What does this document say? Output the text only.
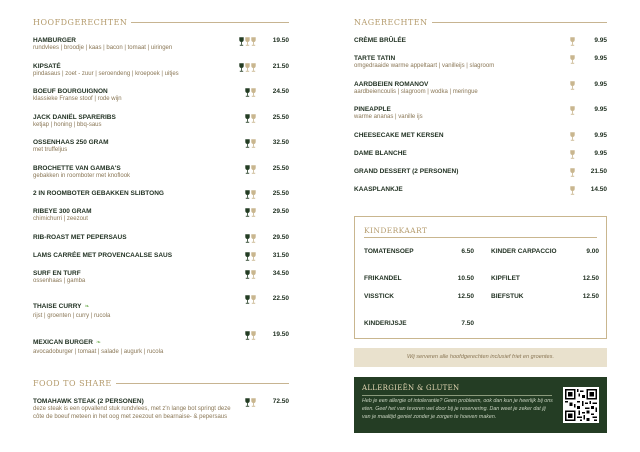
HOOFDGERECHTEN
HAMBURGER
rundvlees | broodje | kaas | bacon | tomaat | uiringen
19.50
KIPSATÉ
pindasaus | zoet - zuur | seroendeng | kroepoek | uitjes
21.50
BOEUF BOURGUIGNON
klassieke Franse stoof | rode wijn
24.50
JACK DANIËL SPARERIBS
ketjap | honing | bbq-saus
25.50
OSSENHAAS 250 GRAM
met truffeljus
32.50
BROCHETTE VAN GAMBA'S
gebakken in roomboter met knoflook
25.50
2 IN ROOMBOTER GEBAKKEN SLIBTONG	25.50
RIBEYE 300 GRAM
chimichurri | zeezout
29.50
RIB-ROAST MET PEPERSAUS	29.50
LAMS CARRÉE MET PROVENCAALSE SAUS	31.50
SURF EN TURF
ossenhaas | gamba
34.50
THAISE CURRY ❧

rijst | groenten | curry | rucola
22.50
MEXICAN BURGER ❧

avocadoburger | tomaat | salade | augurk | rucola
19.50
FOOD TO SHARE
TOMAHAWK STEAK (2 PERSONEN)
deze steak is een opvallend stuk rundvlees, met z'n lange bot springt deze côte de boeuf meteen in het oog met zeezout en bearnaise- & pepersaus
72.50
NAGERECHTEN
CRÈME BRÛLÉE	9.95
TARTE TATIN
omgedraaide warme appeltaart | vanilleijs | slagroom
9.95
AARDBEIEN ROMANOV
aardbeiencoulis | slagroom | wodka | meringue
9.95
PINEAPPLE
warme ananas | vanille ijs
9.95
CHEESECAKE MET KERSEN	9.95
DAME BLANCHE	9.95
GRAND DESSERT (2 PERSONEN)	21.50
KAASPLANKJE	14.50
KINDERKAART
TOMATENSOEP	6.50	KINDER CARPACCIO	9.00
FRIKANDEL	10.50	KIPFILET	12.50
VISSTICK	12.50	BIEFSTUK	12.50
KINDERIJSJE	7.50
Wij serveren alle hoofdgerechten inclusief friet en groentes.
ALLERGIEËN & GLUTEN
Heb je een allergie of intolerantie? Geen probleem, ook dan kun je heerlijk bij ons eten. Geef het van tevoren wel door bij je reservering. Dan weet je zeker dat jij van je maaltijd geniet zonder je zorgen te hoeven maken.
